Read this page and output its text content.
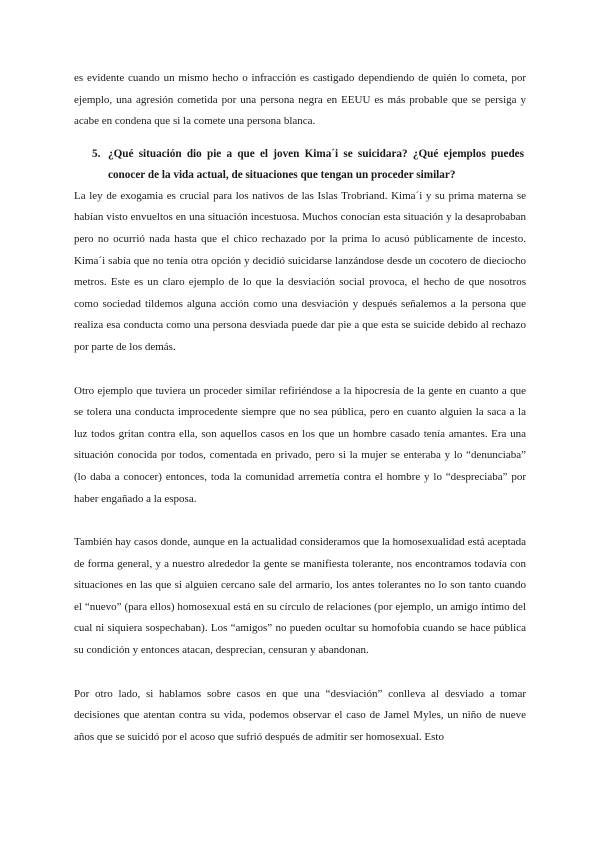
es evidente cuando un mismo hecho o infracción es castigado dependiendo de quién lo cometa, por ejemplo, una agresión cometida por una persona negra en EEUU es más probable que se persiga y acabe en condena que si la comete una persona blanca.

5. ¿Qué situación dio pie a que el joven Kima´i se suicidara? ¿Qué ejemplos puedes conocer de la vida actual, de situaciones que tengan un proceder similar?

La ley de exogamia es crucial para los nativos de las Islas Trobriand. Kima´i y su prima materna se habían visto envueltos en una situación incestuosa. Muchos conocían esta situación y la desaprobaban pero no ocurrió nada hasta que el chico rechazado por la prima lo acusó públicamente de incesto. Kima´i sabía que no tenía otra opción y decidió suicidarse lanzándose desde un cocotero de dieciocho metros. Este es un claro ejemplo de lo que la desviación social provoca, el hecho de que nosotros como sociedad tildemos alguna acción como una desviación y después señalemos a la persona que realiza esa conducta como una persona desviada puede dar pie a que esta se suicide debido al rechazo por parte de los demás.

Otro ejemplo que tuviera un proceder similar refiriéndose a la hipocresía de la gente en cuanto a que se tolera una conducta improcedente siempre que no sea pública, pero en cuanto alguien la saca a la luz todos gritan contra ella, son aquellos casos en los que un hombre casado tenía amantes. Era una situación conocida por todos, comentada en privado, pero si la mujer se enteraba y lo “denunciaba” (lo daba a conocer) entonces, toda la comunidad arremetía contra el hombre y lo “despreciaba” por haber engañado a la esposa.

También hay casos donde, aunque en la actualidad consideramos que la homosexualidad está aceptada de forma general, y a nuestro alrededor la gente se manifiesta tolerante, nos encontramos todavía con situaciones en las que si alguien cercano sale del armario, los antes tolerantes no lo son tanto cuando el “nuevo” (para ellos) homosexual está en su círculo de relaciones (por ejemplo, un amigo íntimo del cual ni siquiera sospechaban). Los “amigos” no pueden ocultar su homofobia cuando se hace pública su condición y entonces atacan, desprecian, censuran y abandonan.

Por otro lado, si hablamos sobre casos en que una “desviación” conlleva al desviado a tomar decisiones que atentan contra su vida, podemos observar el caso de Jamel Myles, un niño de nueve años que se suicidó por el acoso que sufrió después de admitir ser homosexual. Esto
